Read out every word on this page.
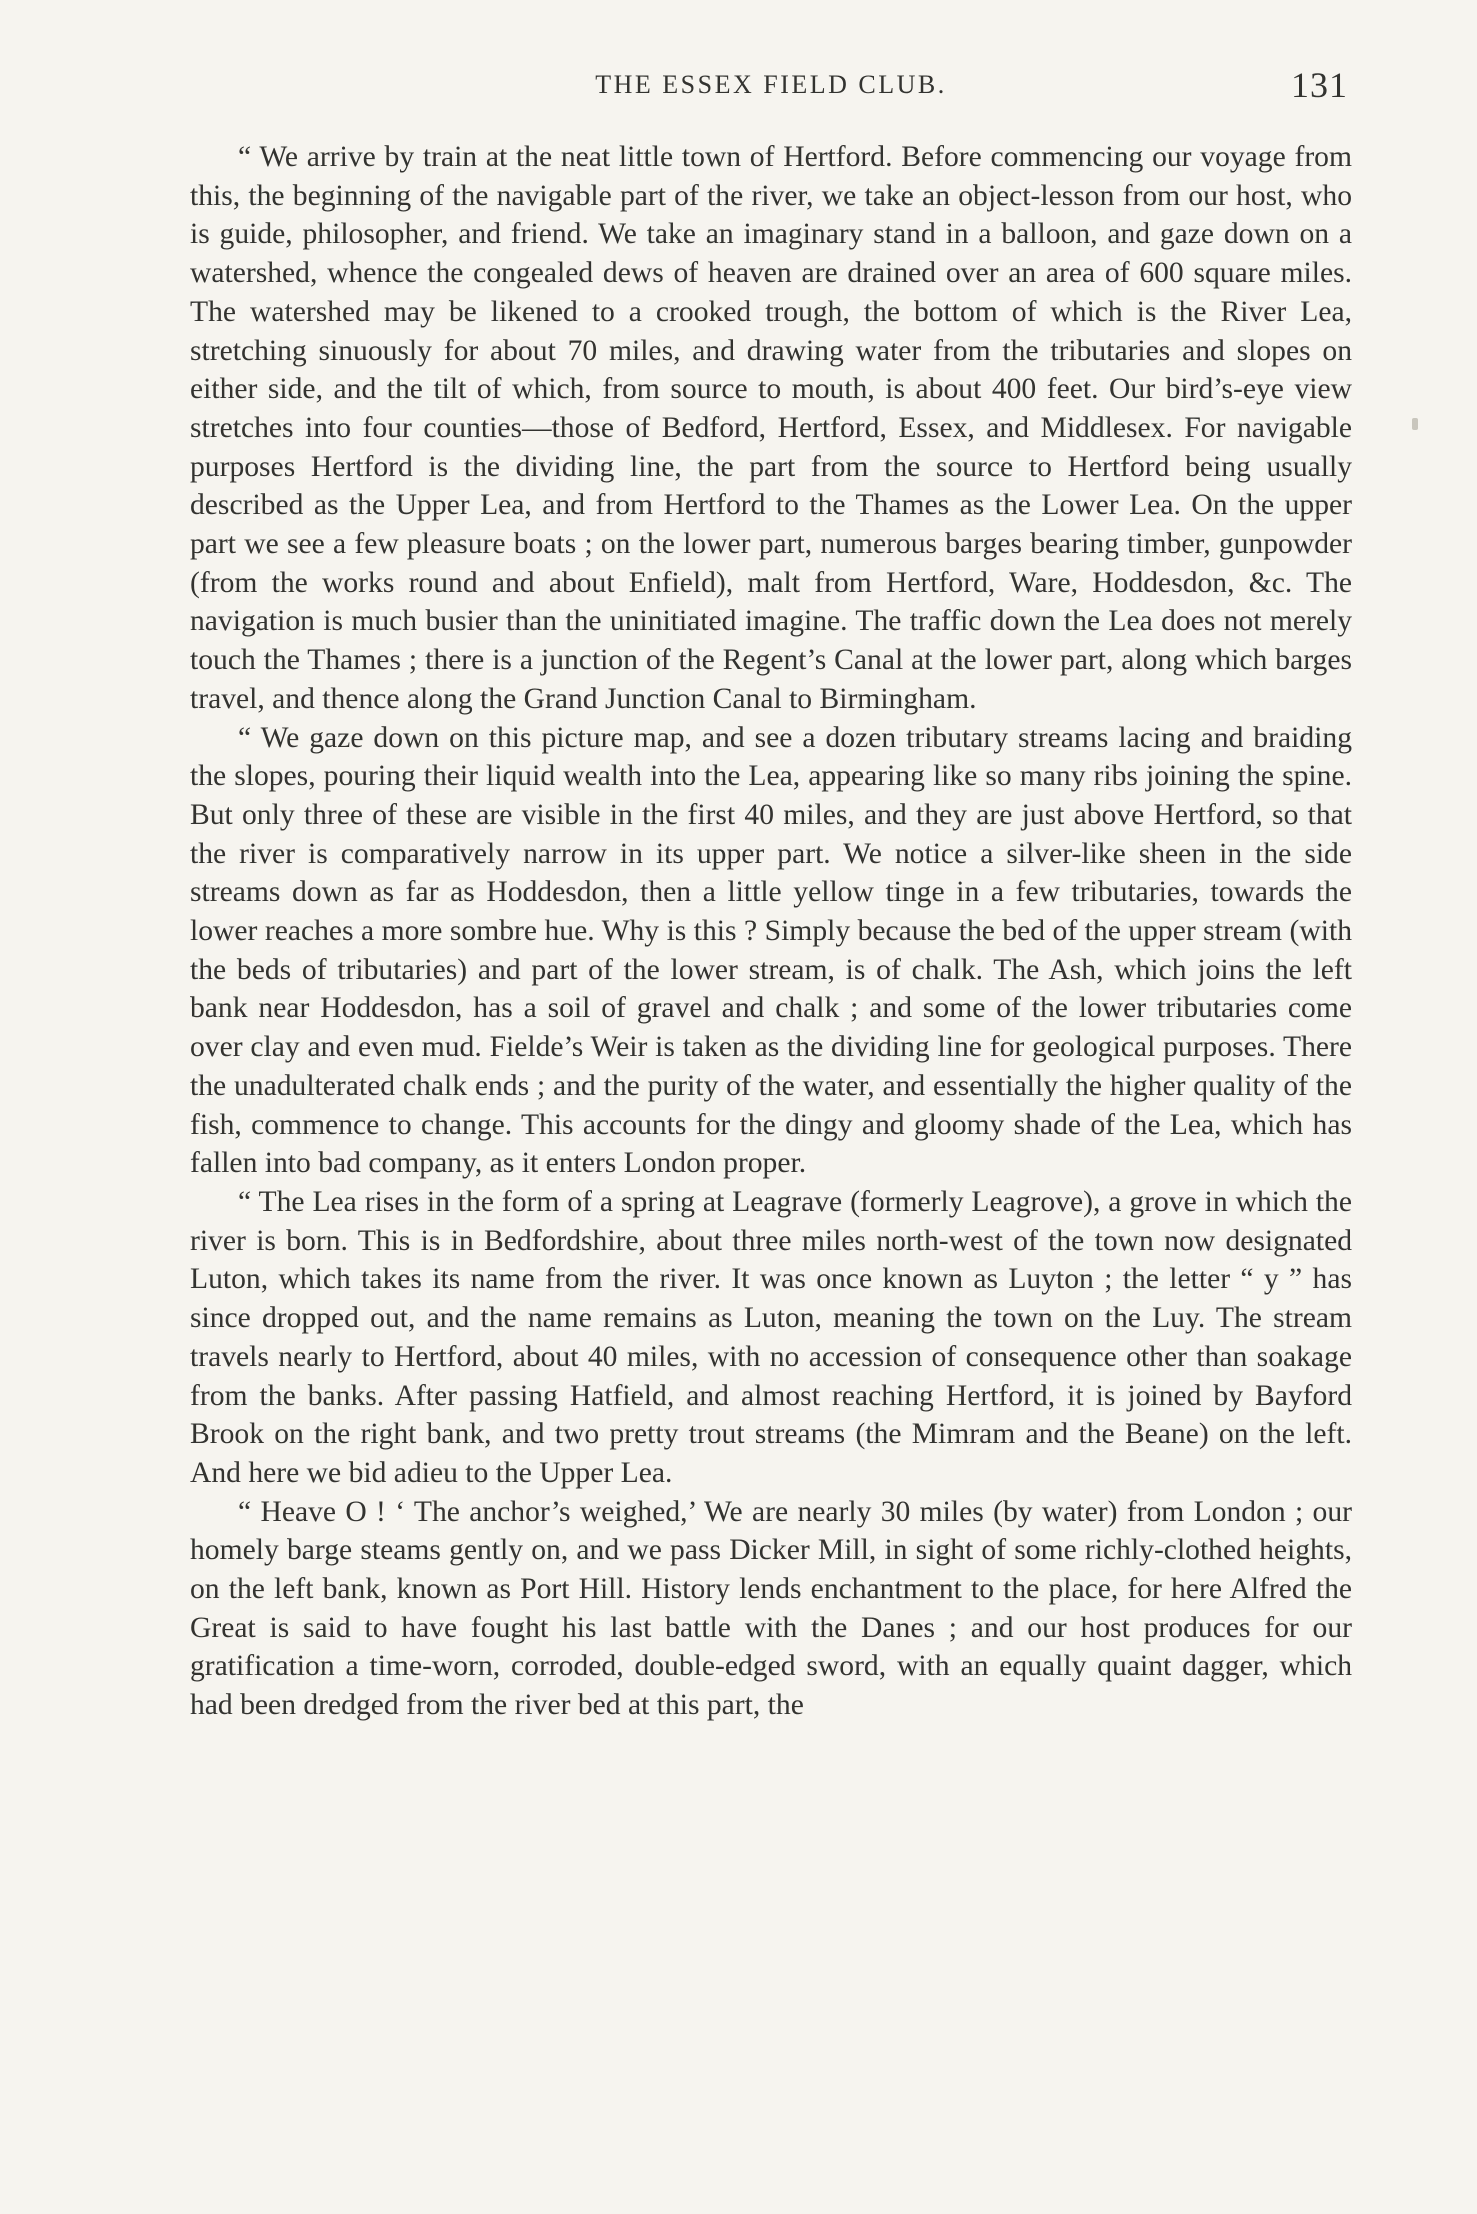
THE ESSEX FIELD CLUB.	131

“ We arrive by train at the neat little town of Hertford. Before commencing our voyage from this, the beginning of the navigable part of the river, we take an object-lesson from our host, who is guide, philosopher, and friend. We take an imaginary stand in a balloon, and gaze down on a watershed, whence the congealed dews of heaven are drained over an area of 600 square miles. The watershed may be likened to a crooked trough, the bottom of which is the River Lea, stretching sinuously for about 70 miles, and drawing water from the tributaries and slopes on either side, and the tilt of which, from source to mouth, is about 400 feet. Our bird’s-eye view stretches into four counties—those of Bedford, Hertford, Essex, and Middlesex. For navigable purposes Hertford is the dividing line, the part from the source to Hertford being usually described as the Upper Lea, and from Hertford to the Thames as the Lower Lea. On the upper part we see a few pleasure boats ; on the lower part, numerous barges bearing timber, gunpowder (from the works round and about Enfield), malt from Hertford, Ware, Hoddesdon, &c. The navigation is much busier than the uninitiated imagine. The traffic down the Lea does not merely touch the Thames ; there is a junction of the Regent’s Canal at the lower part, along which barges travel, and thence along the Grand Junction Canal to Birmingham.

“ We gaze down on this picture map, and see a dozen tributary streams lacing and braiding the slopes, pouring their liquid wealth into the Lea, appearing like so many ribs joining the spine. But only three of these are visible in the first 40 miles, and they are just above Hertford, so that the river is comparatively narrow in its upper part. We notice a silver-like sheen in the side streams down as far as Hoddesdon, then a little yellow tinge in a few tributaries, towards the lower reaches a more sombre hue. Why is this ? Simply because the bed of the upper stream (with the beds of tributaries) and part of the lower stream, is of chalk. The Ash, which joins the left bank near Hoddesdon, has a soil of gravel and chalk ; and some of the lower tributaries come over clay and even mud. Fielde’s Weir is taken as the dividing line for geological purposes. There the unadulterated chalk ends ; and the purity of the water, and essentially the higher quality of the fish, commence to change. This accounts for the dingy and gloomy shade of the Lea, which has fallen into bad company, as it enters London proper.

“ The Lea rises in the form of a spring at Leagrave (formerly Leagrove), a grove in which the river is born. This is in Bedfordshire, about three miles north-west of the town now designated Luton, which takes its name from the river. It was once known as Luyton ; the letter “ y ” has since dropped out, and the name remains as Luton, meaning the town on the Luy. The stream travels nearly to Hertford, about 40 miles, with no accession of consequence other than soakage from the banks. After passing Hatfield, and almost reaching Hertford, it is joined by Bayford Brook on the right bank, and two pretty trout streams (the Mimram and the Beane) on the left. And here we bid adieu to the Upper Lea.

“ Heave O ! ‘ The anchor’s weighed,’ We are nearly 30 miles (by water) from London ; our homely barge steams gently on, and we pass Dicker Mill, in sight of some richly-clothed heights, on the left bank, known as Port Hill. History lends enchantment to the place, for here Alfred the Great is said to have fought his last battle with the Danes ; and our host produces for our gratification a time-worn, corroded, double-edged sword, with an equally quaint dagger, which had been dredged from the river bed at this part, the
